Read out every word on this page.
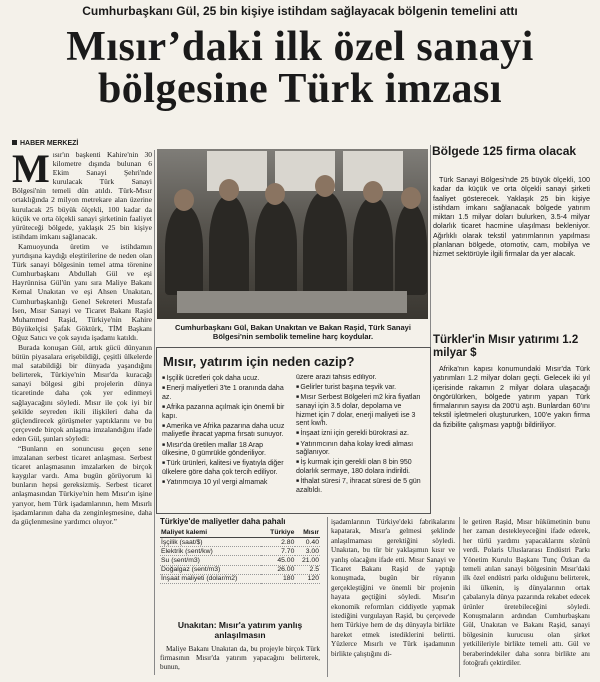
Cumhurbaşkanı Gül, 25 bin kişiye istihdam sağlayacak bölgenin temelini attı
Mısır’daki ilk özel sanayi
bölgesine Türk imzası
HABER MERKEZİ
M ısır'ın başkenti Kahire'nin 30 kilometre dışında bulunan 6 Ekim Sanayi Şehri'nde kurulacak Türk Sanayi Bölgesi'nin temeli dün atıldı. Türk-Mısır ortaklığında 2 milyon metrekare alan üzerine kurulacak 25 büyük ölçekli, 100 kadar da küçük ve orta ölçekli sanayi şirketinin faaliyet yürüteceği bölgede, yaklaşık 25 bin kişiye istihdam imkanı sağlanacak.

Kamuoyunda üretim ve istihdamın yurtdışına kaydığı eleştirilerine de neden olan Türk sanayi bölgesinin temel atma törenine Cumhurbaşkanı Abdullah Gül ve eşi Hayrünnisa Gül'ün yanı sıra Maliye Bakanı Kemal Unakıtan ve eşi Ahsen Unakıtan, Cumhurbaşkanlığı Genel Sekreteri Mustafa İsen, Mısır Sanayi ve Ticaret Bakanı Raşid Muhammed Raşid, Türkiye'nin Kahire Büyükelçisi Şafak Göktürk, TİM Başkanı Oğuz Satıcı ve çok sayıda işadamı katıldı.

Burada konuşan Gül, artık gücü dünyanın bütün piyasalara erişebildiği, çeşitli ülkelerde mal satabildiği bir dünyada yaşandığını belirterek, Türkiye'nin Mısır'da kuracağı sanayi bölgesi gibi projelerin dünya ticaretinde daha çok yer edinmeyi sağlayacağını söyledi. Mısır ile çok iyi bir şekilde seyreden ikili ilişkileri daha da güçlendirecek görüşmeler yaptıklarını ve bu çerçevede birçok anlaşma imzalandığını ifade eden Gül, şunları söyledi:

“Bunların en sonuncusu geçen sene imzalanan serbest ticaret anlaşması. Serbest ticaret anlaşmasının imzalarken de birçok kaygılar vardı. Ama bugün görüyorum ki bunların hepsi gereksizmiş. Serbest ticaret anlaşmasından Türkiye'nin hem Mısır'ın işine yarıyor, hem Türk işadamlarının, hem Mısırlı işadamlarının daha da zenginleşmesine, daha da güçlenmesine yardımcı oluyor.”

Cumhurbaşkanı Gül, Bakan Unakıtan ve Bakan Raşid, Türk Sanayi Bölgesi'nin sembolik temeline harç koydular.
Bölgede 125 firma olacak

Türk Sanayi Bölgesi'nde 25 büyük ölçekli, 100 kadar da küçük ve orta ölçekli sanayi şirketi faaliyet gösterecek. Yaklaşık 25 bin kişiye istihdam imkanı sağlanacak bölgede yatırım miktarı 1.5 milyar doları bulurken, 3.5-4 milyar dolarlık ticaret hacmine ulaşılması bekleniyor. Ağırlıklı olarak tekstil yatırımlarının yapılması planlanan bölgede, otomotiv, cam, mobilya ve hizmet sektörüyle ilgili firmalar da yer alacak.

Türkler'in Mısır yatırımı 1.2 milyar $

Afrika'nın kapısı konumundaki Mısır'da Türk yatırımları 1.2 milyar doları geçti. Gelecek iki yıl içerisinde rakamın 2 milyar dolara ulaşacağı öngörülürken, bölgede yatırım yapan Türk firmalarının sayısı da 200'ü aştı. Bunlardan 60'ını tekstil işletmeleri oluştururken, 100'e yakın firma da fizibilite çalışması yaptığı bildiriliyor.

Mısır, yatırım için neden cazip?
■ İşçilik ücretleri çok daha ucuz.
■ Enerji maliyetleri 3'te 1 oranında daha az.
■ Afrika pazarına açılmak için önemli bir kapı.
■ Amerika ve Afrika pazarına daha ucuz maliyetle ihracat yapma fırsatı sunuyor.
■ Mısır'da üretilen mallar 18 Arap ülkesine, 0 gümrükle gönderiliyor.
■ Türk ürünleri, kalitesi ve fiyatıyla diğer ülkelere göre daha çok tercih ediliyor.
■ Yatırımcıya 10 yıl vergi almamak
üzere arazi tahsis ediliyor.
■ Gelirler turist başına teşvik var.
■ Mısır Serbest Bölgeleri m2 kira fiyatları sanayi için 3.5 dolar, depolama ve hizmet için 7 dolar, enerji maliyeti ise 3 sent kw/h.
■ İnşaat izni için gerekli bürokrasi az.
■ Yatırımcının daha kolay kredi alması sağlanıyor.
■ İş kurmak için gerekli olan 8 bin 950 dolarlık sermaye, 180 dolara indirildi.
■ İthalat süresi 7, ihracat süresi de 5 gün azaltıldı.
Türkiye'de maliyetler daha pahalı
Maliyet kalemi	Türkiye	Mısır
İşçilik (saat/$)	2.80	0.40
Elektrik (sent/kw)	7.70	3.00
Su (sent/m3)	45.00	21.00
Doğalgaz (sent/m3)	26.00	2.5
İnşaat maliyeti (dolar/m2)	180	120
Unakıtan: Mısır'a yatırım yanlış anlaşılmasın

Maliye Bakanı Unakıtan da, bu projeyle birçok Türk firmasının Mısır'da yatırım yapacağını belirterek, bunun,

işadamlarının Türkiye'deki fabrikalarını kapatarak, Mısır'a gelmesi şeklinde anlaşılmaması gerektiğini söyledi. Unakıtan, bu tür bir yaklaşımın kısır ve yanlış olacağını ifade etti. Mısır Sanayi ve Ticaret Bakanı Raşid de yaptığı konuşmada, bugün bir rüyanın gerçekleştiğini ve önemli bir projenin hayata geçtiğini söyledi. Mısır'ın ekonomik reformları ciddiyetle yapmak istediğini vurgulayan Raşid, bu çerçevede hem Türkiye hem de dış dünyayla birlikte hareket etmek istediklerini belirtti. Yüzlerce Mısırlı ve Türk işadamının birlikte çalıştığını di-

le getiren Raşid, Mısır hükümetinin bunu her zaman destekleyeceğini ifade ederek, her türlü yardımı yapacaklarını sözünü verdi. Polaris Uluslararası Endüstri Parkı Yönetim Kurulu Başkanı Tunç Özkan da temeli atılan sanayi bölgesinin Mısır'daki ilk özel endüstri parkı olduğunu belirterek, iki ülkenin, iş dünyalarının ortak çabalarıyla dünya pazarında rekabet edecek ürünler üretebileceğini söyledi. Konuşmaların ardından Cumhurbaşkanı Gül, Unakıtan ve Bakanı Raşid, sanayi bölgesinin kurucusu olan şirket yetkilileriyle birlikte temeli attı. Gül ve beraberindekiler daha sonra birlikte anı fotoğrafı çektirdiler.
